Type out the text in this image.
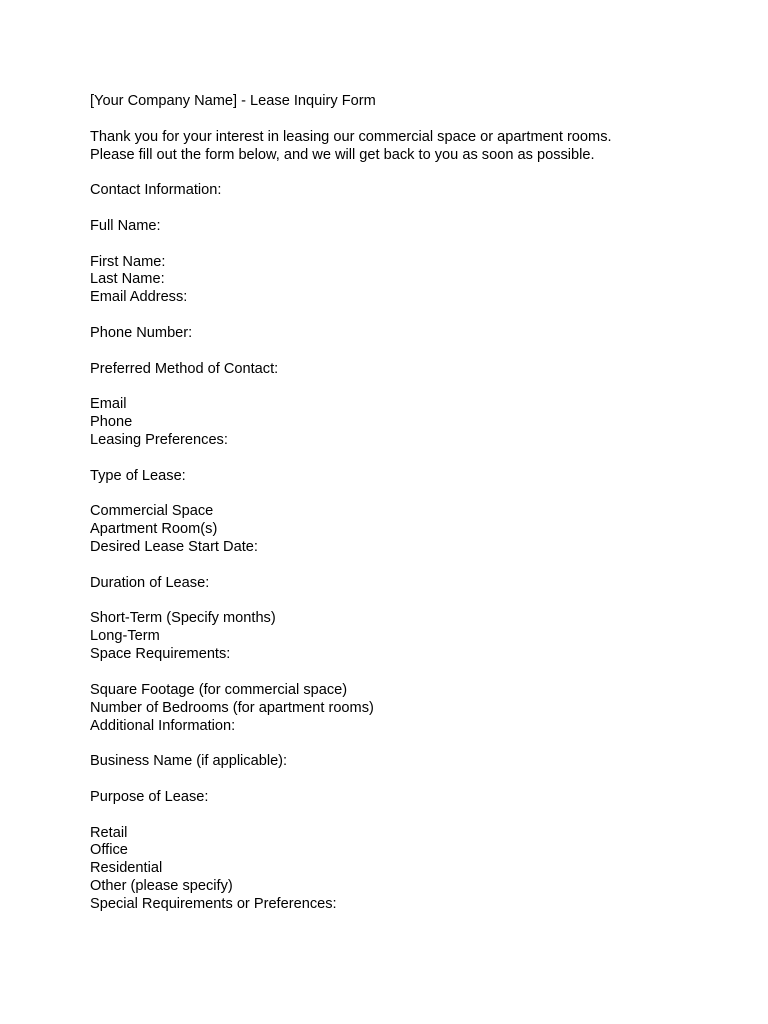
[Your Company Name] - Lease Inquiry Form
Thank you for your interest in leasing our commercial space or apartment rooms.
Please fill out the form below, and we will get back to you as soon as possible.
Contact Information:
Full Name:
First Name:
Last Name:
Email Address:
Phone Number:
Preferred Method of Contact:
Email
Phone
Leasing Preferences:
Type of Lease:
Commercial Space
Apartment Room(s)
Desired Lease Start Date:
Duration of Lease:
Short-Term (Specify months)
Long-Term
Space Requirements:
Square Footage (for commercial space)
Number of Bedrooms (for apartment rooms)
Additional Information:
Business Name (if applicable):
Purpose of Lease:
Retail
Office
Residential
Other (please specify)
Special Requirements or Preferences:
